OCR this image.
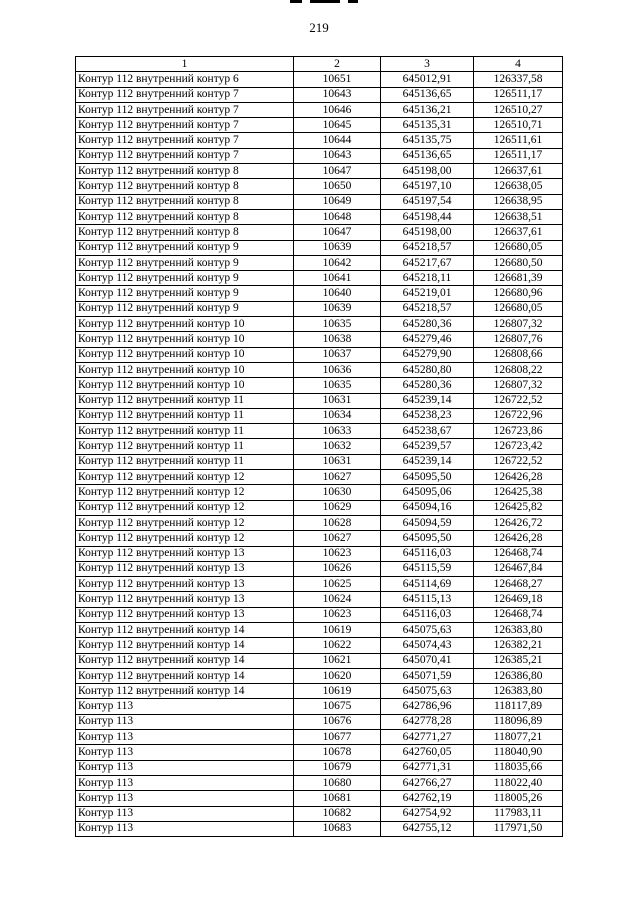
219
1	2	3	4
Контур 112 внутренний контур 6	10651	645012,91	126337,58
Контур 112 внутренний контур 7	10643	645136,65	126511,17
Контур 112 внутренний контур 7	10646	645136,21	126510,27
Контур 112 внутренний контур 7	10645	645135,31	126510,71
Контур 112 внутренний контур 7	10644	645135,75	126511,61
Контур 112 внутренний контур 7	10643	645136,65	126511,17
Контур 112 внутренний контур 8	10647	645198,00	126637,61
Контур 112 внутренний контур 8	10650	645197,10	126638,05
Контур 112 внутренний контур 8	10649	645197,54	126638,95
Контур 112 внутренний контур 8	10648	645198,44	126638,51
Контур 112 внутренний контур 8	10647	645198,00	126637,61
Контур 112 внутренний контур 9	10639	645218,57	126680,05
Контур 112 внутренний контур 9	10642	645217,67	126680,50
Контур 112 внутренний контур 9	10641	645218,11	126681,39
Контур 112 внутренний контур 9	10640	645219,01	126680,96
Контур 112 внутренний контур 9	10639	645218,57	126680,05
Контур 112 внутренний контур 10	10635	645280,36	126807,32
Контур 112 внутренний контур 10	10638	645279,46	126807,76
Контур 112 внутренний контур 10	10637	645279,90	126808,66
Контур 112 внутренний контур 10	10636	645280,80	126808,22
Контур 112 внутренний контур 10	10635	645280,36	126807,32
Контур 112 внутренний контур 11	10631	645239,14	126722,52
Контур 112 внутренний контур 11	10634	645238,23	126722,96
Контур 112 внутренний контур 11	10633	645238,67	126723,86
Контур 112 внутренний контур 11	10632	645239,57	126723,42
Контур 112 внутренний контур 11	10631	645239,14	126722,52
Контур 112 внутренний контур 12	10627	645095,50	126426,28
Контур 112 внутренний контур 12	10630	645095,06	126425,38
Контур 112 внутренний контур 12	10629	645094,16	126425,82
Контур 112 внутренний контур 12	10628	645094,59	126426,72
Контур 112 внутренний контур 12	10627	645095,50	126426,28
Контур 112 внутренний контур 13	10623	645116,03	126468,74
Контур 112 внутренний контур 13	10626	645115,59	126467,84
Контур 112 внутренний контур 13	10625	645114,69	126468,27
Контур 112 внутренний контур 13	10624	645115,13	126469,18
Контур 112 внутренний контур 13	10623	645116,03	126468,74
Контур 112 внутренний контур 14	10619	645075,63	126383,80
Контур 112 внутренний контур 14	10622	645074,43	126382,21
Контур 112 внутренний контур 14	10621	645070,41	126385,21
Контур 112 внутренний контур 14	10620	645071,59	126386,80
Контур 112 внутренний контур 14	10619	645075,63	126383,80
Контур 113	10675	642786,96	118117,89
Контур 113	10676	642778,28	118096,89
Контур 113	10677	642771,27	118077,21
Контур 113	10678	642760,05	118040,90
Контур 113	10679	642771,31	118035,66
Контур 113	10680	642766,27	118022,40
Контур 113	10681	642762,19	118005,26
Контур 113	10682	642754,92	117983,11
Контур 113	10683	642755,12	117971,50
